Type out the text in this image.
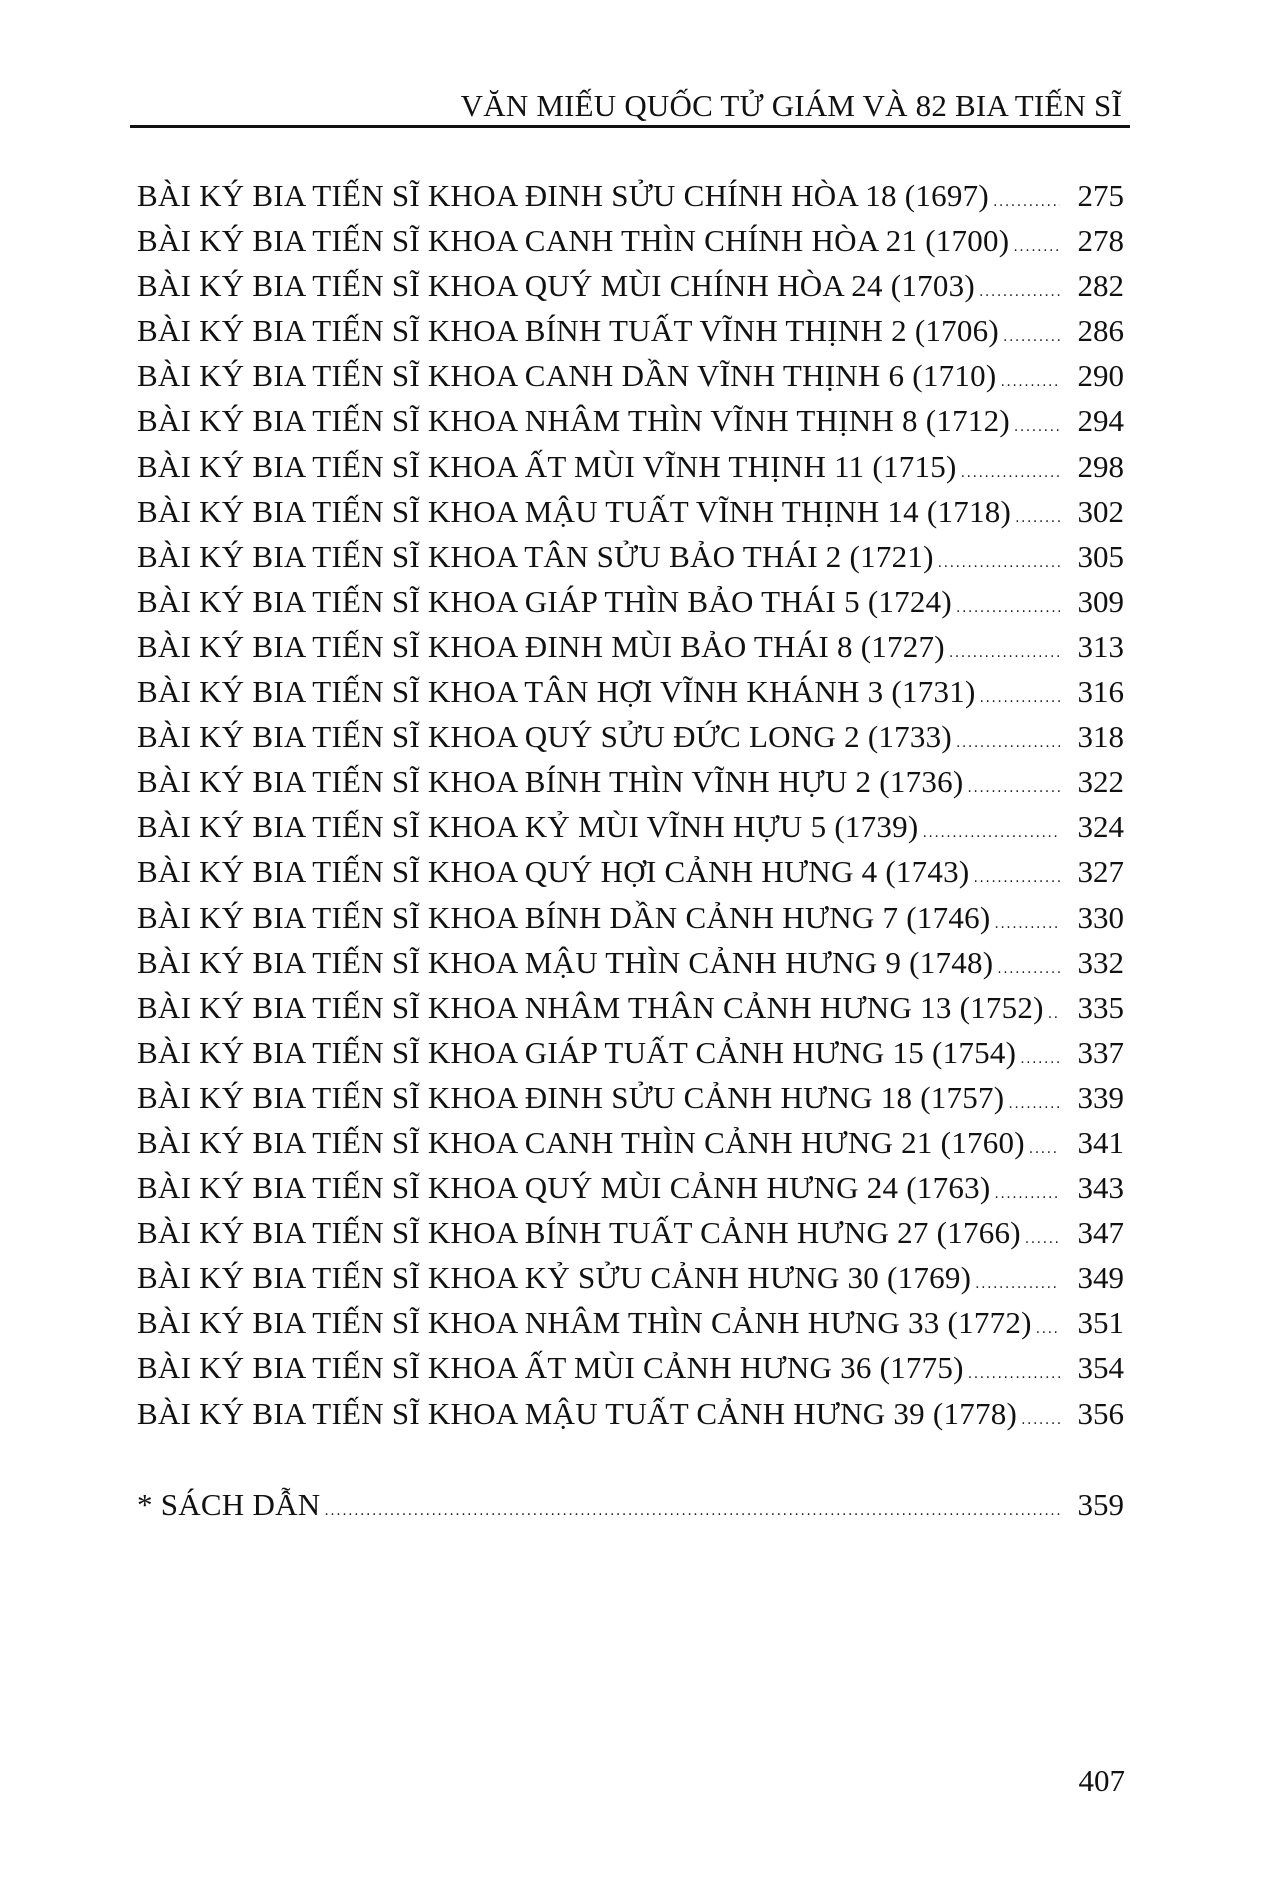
VĂN MIẾU QUỐC TỬ GIÁM VÀ 82 BIA TIẾN SĨ
BÀI KÝ BIA TIẾN SĨ KHOA ĐINH SỬU CHÍNH HÒA 18 (1697) .....	275
BÀI KÝ BIA TIẾN SĨ KHOA CANH THÌN CHÍNH HÒA 21 (1700) .....	278
BÀI KÝ BIA TIẾN SĨ KHOA QUÝ MÙI CHÍNH HÒA 24 (1703) .....	282
BÀI KÝ BIA TIẾN SĨ KHOA BÍNH TUẤT VĨNH THỊNH 2 (1706) .....	286
BÀI KÝ BIA TIẾN SĨ KHOA CANH DẦN VĨNH THỊNH 6 (1710) .....	290
BÀI KÝ BIA TIẾN SĨ KHOA NHÂM THÌN VĨNH THỊNH 8 (1712) .....	294
BÀI KÝ BIA TIẾN SĨ KHOA ẤT MÙI VĨNH THỊNH 11 (1715) .....	298
BÀI KÝ BIA TIẾN SĨ KHOA MẬU TUẤT VĨNH THỊNH 14 (1718) .....	302
BÀI KÝ BIA TIẾN SĨ KHOA TÂN SỬU BẢO THÁI 2 (1721) .....	305
BÀI KÝ BIA TIẾN SĨ KHOA GIÁP THÌN BẢO THÁI 5 (1724) .....	309
BÀI KÝ BIA TIẾN SĨ KHOA ĐINH MÙI BẢO THÁI 8 (1727) .....	313
BÀI KÝ BIA TIẾN SĨ KHOA TÂN HỢI VĨNH KHÁNH 3 (1731) .....	316
BÀI KÝ BIA TIẾN SĨ KHOA QUÝ SỬU ĐỨC LONG 2 (1733) .....	318
BÀI KÝ BIA TIẾN SĨ KHOA BÍNH THÌN VĨNH HỰU 2 (1736) .....	322
BÀI KÝ BIA TIẾN SĨ KHOA KỶ MÙI VĨNH HỰU 5 (1739) .....	324
BÀI KÝ BIA TIẾN SĨ KHOA QUÝ HỢI CẢNH HƯNG 4 (1743) .....	327
BÀI KÝ BIA TIẾN SĨ KHOA BÍNH DẦN CẢNH HƯNG 7 (1746) .....	330
BÀI KÝ BIA TIẾN SĨ KHOA MẬU THÌN CẢNH HƯNG 9 (1748) .....	332
BÀI KÝ BIA TIẾN SĨ KHOA NHÂM THÂN CẢNH HƯNG 13 (1752) .....	335
BÀI KÝ BIA TIẾN SĨ KHOA GIÁP TUẤT CẢNH HƯNG 15 (1754) .....	337
BÀI KÝ BIA TIẾN SĨ KHOA ĐINH SỬU CẢNH HƯNG 18 (1757) .....	339
BÀI KÝ BIA TIẾN SĨ KHOA CANH THÌN CẢNH HƯNG 21 (1760) .....	341
BÀI KÝ BIA TIẾN SĨ KHOA QUÝ MÙI CẢNH HƯNG 24 (1763) .....	343
BÀI KÝ BIA TIẾN SĨ KHOA BÍNH TUẤT CẢNH HƯNG 27 (1766) .....	347
BÀI KÝ BIA TIẾN SĨ KHOA KỶ SỬU CẢNH HƯNG 30 (1769) .....	349
BÀI KÝ BIA TIẾN SĨ KHOA NHÂM THÌN CẢNH HƯNG 33 (1772) .....	351
BÀI KÝ BIA TIẾN SĨ KHOA ẤT MÙI CẢNH HƯNG 36 (1775) .....	354
BÀI KÝ BIA TIẾN SĨ KHOA MẬU TUẤT CẢNH HƯNG 39 (1778) .....	356
* SÁCH DẪN .....	359
407
